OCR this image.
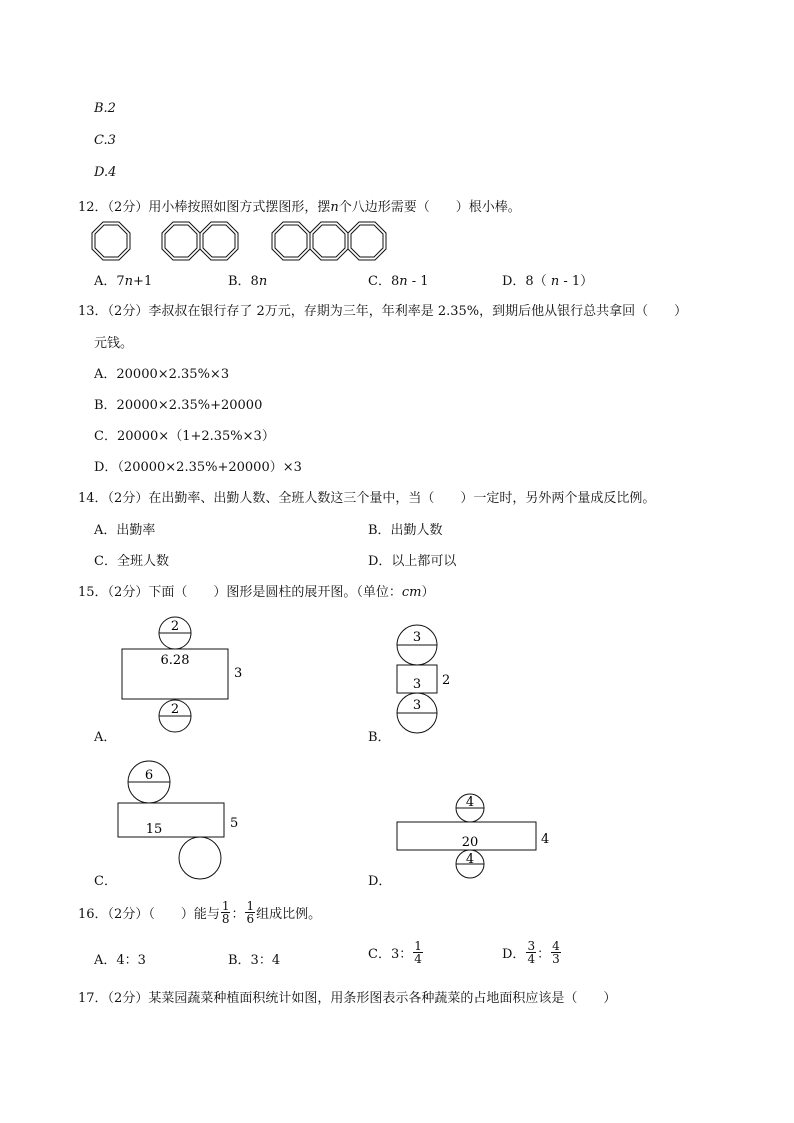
B.2
C.3
D.4
12．（2分）用小棒按照如图方式摆图形，摆n个八边形需要（　　）根小棒。
A．7n+1	B．8n	C．8n - 1	D．8（ n - 1）
13．（2分）李叔叔在银行存了 2万元，存期为三年，年利率是 2.35%，到期后他从银行总共拿回（　　）
元钱。
A．20000×2.35%×3
B．20000×2.35%+20000
C．20000×（1+2.35%×3）
D．（20000×2.35%+20000）×3
14．（2分）在出勤率、出勤人数、全班人数这三个量中，当（　　）一定时，另外两个量成反比例。
A．出勤率	B．出勤人数
C．全班人数	D．以上都可以
15．（2分）下面（　　）图形是圆柱的展开图。（单位：cm）
2
6.28
3
2
A．
3
3 2
3
B．
6
15	5
C．
4
20	4
4
D．
16．（2分）（　　）能与 $\frac{1}{8}$ ： $\frac{1}{6}$ 组成比例。
A．4：3	B．3：4	C．3： $\frac{1}{4}$	D． $\frac{3}{4}$ ： $\frac{4}{3}$
17．（2分）某菜园蔬菜种植面积统计如图，用条形图表示各种蔬菜的占地面积应该是（　　）
